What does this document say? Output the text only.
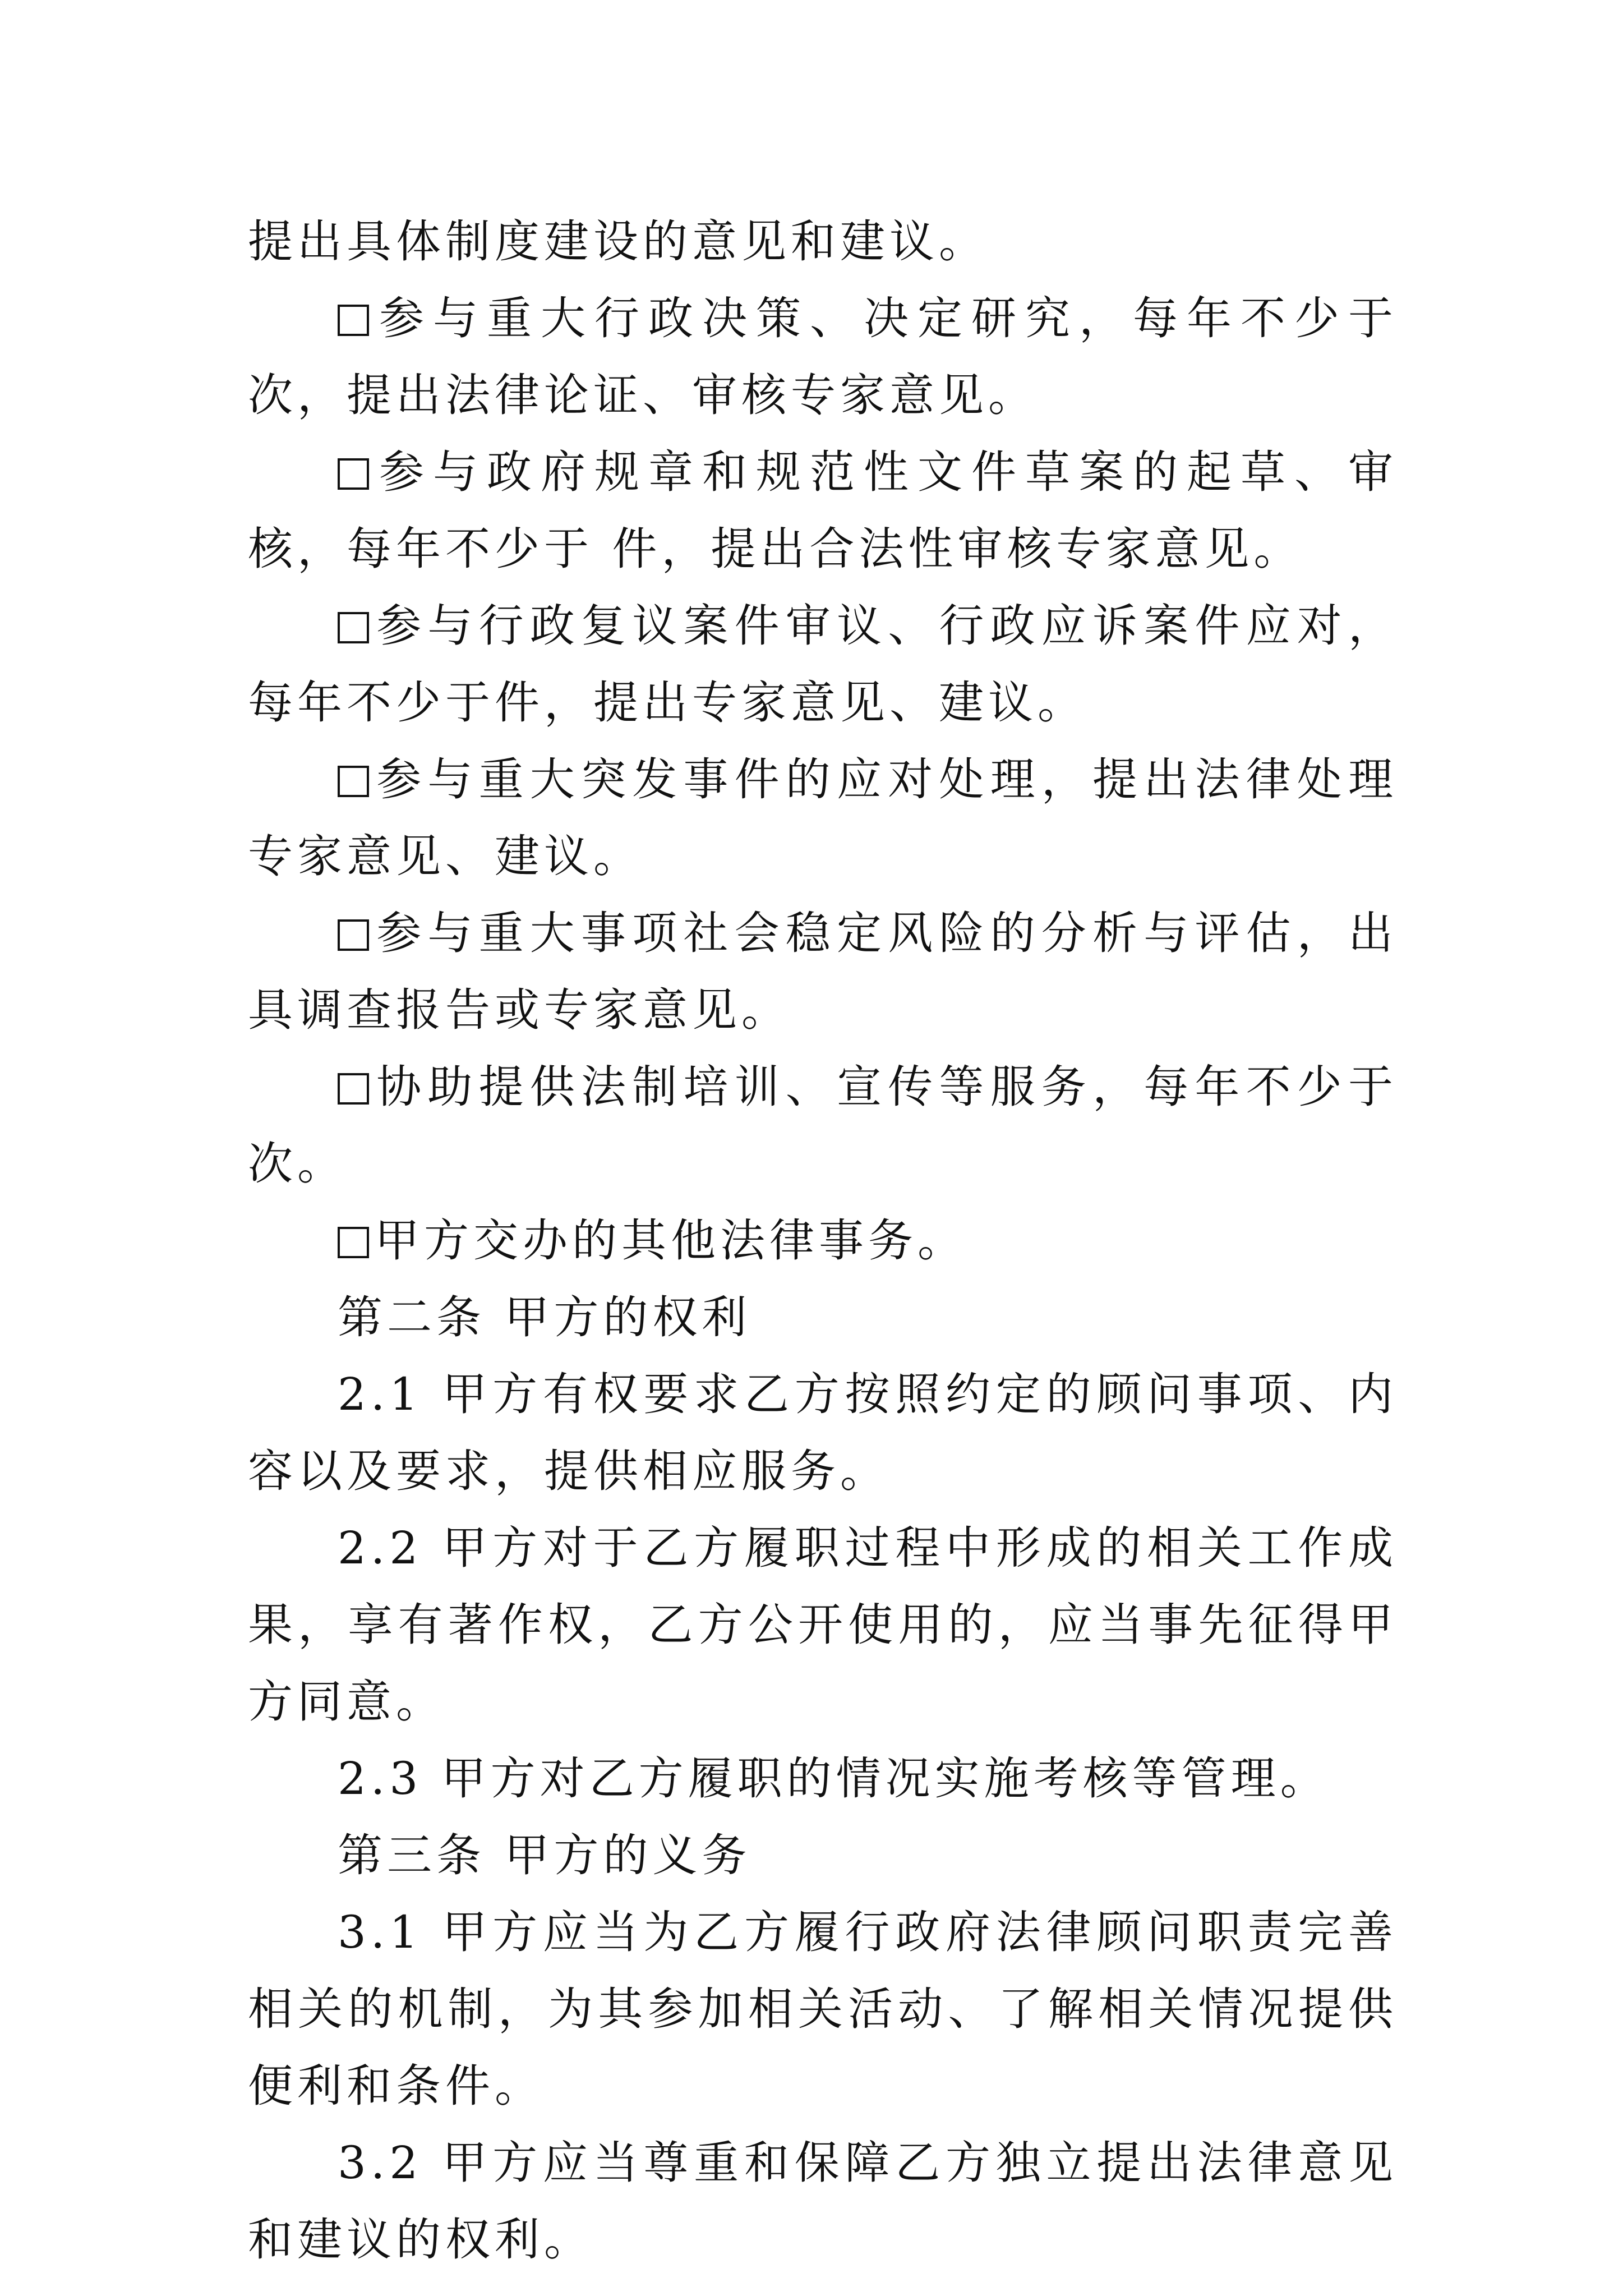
提出具体制度建设的意见和建议。

参与重大行政决策、决定研究，每年不少于 次，提出法律论证、审核专家意见。

参与政府规章和规范性文件草案的起草、审核，每年不少于 件，提出合法性审核专家意见。

参与行政复议案件审议、行政应诉案件应对，每年不少于件，提出专家意见、建议。

参与重大突发事件的应对处理，提出法律处理专家意见、建议。

参与重大事项社会稳定风险的分析与评估，出具调查报告或专家意见。

协助提供法制培训、宣传等服务，每年不少于 次。

甲方交办的其他法律事务。

第二条 甲方的权利

2.1 甲方有权要求乙方按照约定的顾问事项、内容以及要求，提供相应服务。

2.2 甲方对于乙方履职过程中形成的相关工作成果，享有著作权，乙方公开使用的，应当事先征得甲方同意。

2.3 甲方对乙方履职的情况实施考核等管理。

第三条 甲方的义务

3.1 甲方应当为乙方履行政府法律顾问职责完善相关的机制，为其参加相关活动、了解相关情况提供便利和条件。

3.2 甲方应当尊重和保障乙方独立提出法律意见和建议的权利。
